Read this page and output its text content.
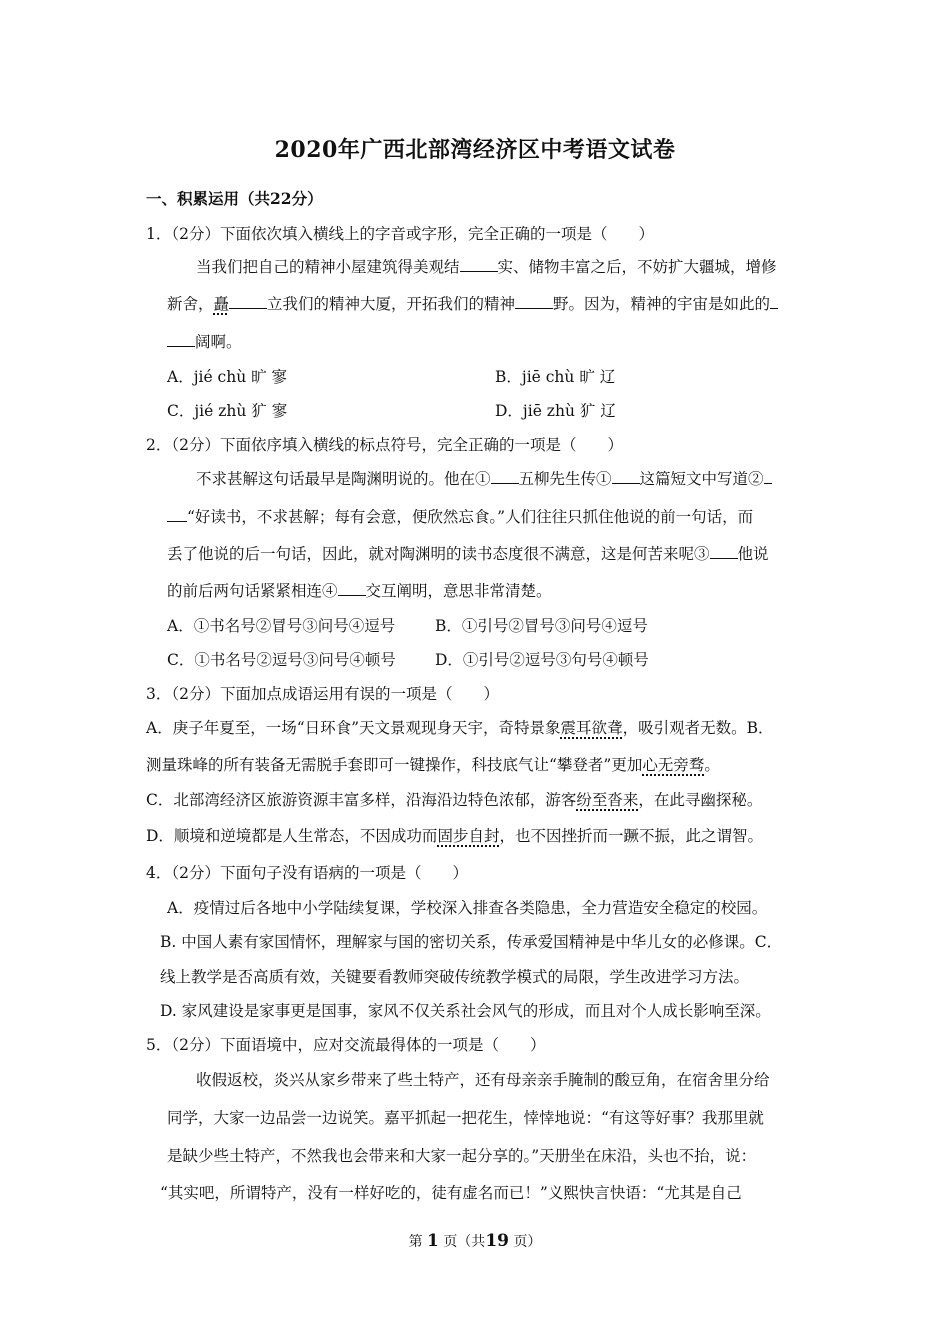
2020年广西北部湾经济区中考语文试卷
一、积累运用（共22分）
1．（2分）下面依次填入横线上的字音或字形，完全正确的一项是（　　）
当我们把自己的精神小屋建筑得美观结 实、储物丰富之后，不妨扩大疆城，增修
新舍，矗 立我们的精神大厦，开拓我们的精神 野。因为，精神的宇宙是如此的
阔啊。
A．jié chù 旷 寥	B．jiē chù 旷 辽
C．jié zhù 犷 寥	D．jiē zhù 犷 辽
2．（2分）下面依序填入横线的标点符号，完全正确的一项是（　　）
不求甚解这句话最早是陶渊明说的。他在① 五柳先生传① 这篇短文中写道②
“好读书，不求甚解；每有会意，便欣然忘食。”人们往往只抓住他说的前一句话，而
丢了他说的后一句话，因此，就对陶渊明的读书态度很不满意，这是何苦来呢③ 他说
的前后两句话紧紧相连④ 交互阐明，意思非常清楚。
A．①书名号②冒号③问号④逗号	B．①引号②冒号③问号④逗号
C．①书名号②逗号③问号④顿号	D．①引号②逗号③句号④顿号
3．（2分）下面加点成语运用有误的一项是（　　）
A．庚子年夏至，一场“日环食”天文景观现身天宇，奇特景象震耳欲聋，吸引观者无数。B．
测量珠峰的所有装备无需脱手套即可一键操作，科技底气让“攀登者”更加心无旁骛。
C．北部湾经济区旅游资源丰富多样，沿海沿边特色浓郁，游客纷至沓来，在此寻幽探秘。
D．顺境和逆境都是人生常态，不因成功而固步自封，也不因挫折而一蹶不振，此之谓智。
4．（2分）下面句子没有语病的一项是（　　）
A．疫情过后各地中小学陆续复课，学校深入排查各类隐患，全力营造安全稳定的校园。
B. 中国人素有家国情怀，理解家与国的密切关系，传承爱国精神是中华儿女的必修课。C．
线上教学是否高质有效，关键要看教师突破传统教学模式的局限，学生改进学习方法。
D. 家风建设是家事更是国事，家风不仅关系社会风气的形成，而且对个人成长影响至深。
5．（2分）下面语境中，应对交流最得体的一项是（　　）
收假返校，炎兴从家乡带来了些土特产，还有母亲亲手腌制的酸豆角，在宿舍里分给
同学，大家一边品尝一边说笑。嘉平抓起一把花生，悻悻地说：“有这等好事？我那里就
是缺少些土特产，不然我也会带来和大家一起分享的。”天册坐在床沿，头也不抬，说：
“其实吧，所谓特产，没有一样好吃的，徒有虚名而已！”义熙快言快语：“尤其是自己
第 1 页（共19 页）
